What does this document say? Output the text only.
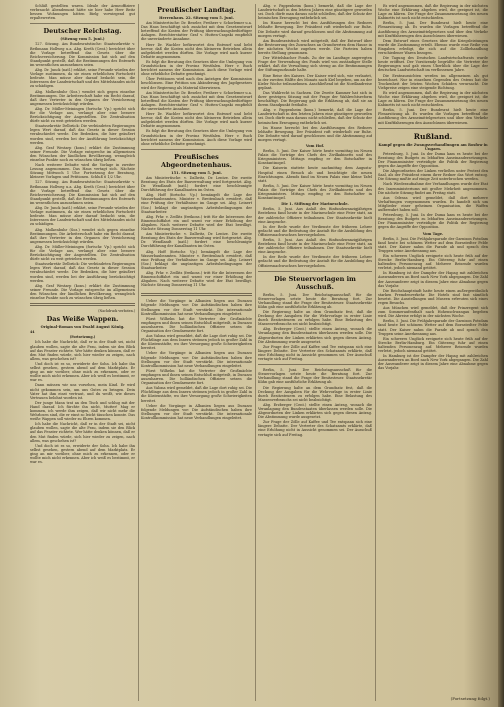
Schlüß gestellten waren. Ideale der Armeoffiziere verbraucht Abendemont hätte sie hier habe Herr Beitz bessen Wohnungen hätten Bielg vorwiegend gut erpaltewerten.

Deutscher Reichstag.
(Sitzung vom 5. Juni.)

127. Sitzung. Am Bundesratstische: Staatssekretär v. Bethmann Hollweg u.a. Abg. Kreth (Cent.) berichtet über die Vorlage betreffend das Gesetz über die Reichsversicherung. Die Kommission hat sich auf den Standpunkt gestellt, daß die Bestimmungen des Entwurfs im wesentlichen anzunehmen seien.

Abg. Dr. Junck (natl.) erklärt, seine Freunde würden der Vorlage zustimmen, da sie einen erheblichen Fortschritt bedeute. Man müsse aber darauf bedacht sein, die Interessen der Landwirtschaft und des Mittelstandes nicht zu schädigen.

Abg. Molkenbuhr (Soz.) wendet sich gegen einzelne Bestimmungen. Die Arbeiterschaft habe ein Recht darauf, daß ihre Vertreter in den Organen der Versicherung angemessen berücksichtigt würden.

Abg. Dr. Müller-Meiningen (fortschr. Vp.) spricht sich für die Vorlage aus, verlangt aber eine bessere Berücksichtigung der Angestellten. Die Zentralisation dürfe nicht zu weit getrieben werden.

Staatssekretär Delbrück: Die verbündeten Regierungen legen Wert darauf, daß das Gesetz in dieser Session verabschiedet werde. Die Bedenken, die hier geäußert worden sind, werden bei der Ausführung berücksichtigt werden.

Abg. Graf Westarp (kons.) erklärt die Zustimmung seiner Freunde. Die Vorlage entspreche im allgemeinen den Wünschen der ländlichen Bevölkerung, wenngleich einzelne Punkte noch zu wünschen übrig ließen.

Nach weiterer Debatte wird die Vorlage in zweiter Lesung angenommen. Das Haus vertagt sich. Nächste Sitzung Mittwoch 1 Uhr: Fortsetzung der Beratung, kleinere Vorlagen und Petitionen. Schluß 6 1/2 Uhr.

127. Sitzung. Am Bundesratstische: Staatssekretär v. Bethmann Hollweg u.a. Abg. Kreth (Cent.) berichtet über die Vorlage betreffend das Gesetz über die Reichsversicherung. Die Kommission hat sich auf den Standpunkt gestellt, daß die Bestimmungen des Entwurfs im wesentlichen anzunehmen seien.

Abg. Dr. Junck (natl.) erklärt, seine Freunde würden der Vorlage zustimmen, da sie einen erheblichen Fortschritt bedeute. Man müsse aber darauf bedacht sein, die Interessen der Landwirtschaft und des Mittelstandes nicht zu schädigen.

Abg. Molkenbuhr (Soz.) wendet sich gegen einzelne Bestimmungen. Die Arbeiterschaft habe ein Recht darauf, daß ihre Vertreter in den Organen der Versicherung angemessen berücksichtigt würden.

Abg. Dr. Müller-Meiningen (fortschr. Vp.) spricht sich für die Vorlage aus, verlangt aber eine bessere Berücksichtigung der Angestellten. Die Zentralisation dürfe nicht zu weit getrieben werden.

Staatssekretär Delbrück: Die verbündeten Regierungen legen Wert darauf, daß das Gesetz in dieser Session verabschiedet werde. Die Bedenken, die hier geäußert worden sind, werden bei der Ausführung berücksichtigt werden.

Abg. Graf Westarp (kons.) erklärt die Zustimmung seiner Freunde. Die Vorlage entspreche im allgemeinen den Wünschen der ländlichen Bevölkerung, wenngleich einzelne Punkte noch zu wünschen übrig ließen.

(Nachdruck verboten.)
Das Weiße Wappen.
Original-Roman von Ewald August König.
44
(Fortsetzung.)

Ich habe die Nachricht, daß er in der Stadt sei, nicht glauben wollen, sagte die alte Frau, indem sie den Blick auf das Fenster richtete. Wer hätte denken können, daß er den Mut finden würde, sich hier wieder zu zeigen, nach allem, was geschehen ist?

Und doch ist es so, erwiderte der Sohn. Ich habe ihn selbst gesehen, gestern abend auf dem Marktplatz. Er ging an mir vorüber, ohne mich zu erkennen, oder er wollte mich nicht erkennen. Aber ich weiß es bestimmt, er war es.

Dann müssen wir uns vorsehen, mein Kind. Er wird nicht gekommen sein, um uns Gutes zu bringen. Dein Vater hat ihm einst vertraut, und du weißt, wie dieses Vertrauen belohnt worden ist.

Der junge Mann trat an den Tisch und schlug mit der Hand darauf. Ich fürchte ihn nicht, Mutter! Mag er kommen, ich werde ihm zeigen, daß wir nicht mehr die Wehrlosen sind, die er einst so leicht täuschen konnte. Das weiße Wappen soll wieder zu Ehren kommen.

Ich habe die Nachricht, daß er in der Stadt sei, nicht glauben wollen, sagte die alte Frau, indem sie den Blick auf das Fenster richtete. Wer hätte denken können, daß er den Mut finden würde, sich hier wieder zu zeigen, nach allem, was geschehen ist?

Und doch ist es so, erwiderte der Sohn. Ich habe ihn selbst gesehen, gestern abend auf dem Marktplatz. Er ging an mir vorüber, ohne mich zu erkennen, oder er wollte mich nicht erkennen. Aber ich weiß es bestimmt, er war es.

Preußischer Landtag.
Herrenhaus. 22. Sitzung vom 5. Juni.

Am Ministertische: Dr. Beseler, Freiherr v. Schorlemer u.a. Das Haus beschäftigt sich zunächst mit dem Gesetzentwurf betreffend die Kosten der Prüfung überwachungsbedürftiger Anlagen. Berichterstatter Graf v. Hutten-Czapski empfiehlt die unveränderte Annahme.

Herr Dr. Wachler befürwortet den Entwurf und hebt hervor, daß die Kosten nicht den kleineren Betrieben allein aufgebürdet werden dürften. Die Vorlage wird nach kurzer Debatte angenommen.

Es folgt die Beratung des Gesetzes über die Umlegung von Grundstücken in der Provinz Westfalen. Herr v. Buch berichtet namens der Kommission. Auch diese Vorlage wird ohne erhebliche Debatte genehmigt.

Über Petitionen wird nach den Anträgen der Kommission beschlossen. Eine Petition um Abänderung des Jagdgesetzes wird der Regierung als Material überwiesen.

Am Ministertische: Dr. Beseler, Freiherr v. Schorlemer u.a. Das Haus beschäftigt sich zunächst mit dem Gesetzentwurf betreffend die Kosten der Prüfung überwachungsbedürftiger Anlagen. Berichterstatter Graf v. Hutten-Czapski empfiehlt die unveränderte Annahme.

Herr Dr. Wachler befürwortet den Entwurf und hebt hervor, daß die Kosten nicht den kleineren Betrieben allein aufgebürdet werden dürften. Die Vorlage wird nach kurzer Debatte angenommen.

Es folgt die Beratung des Gesetzes über die Umlegung von Grundstücken in der Provinz Westfalen. Herr v. Buch berichtet namens der Kommission. Auch diese Vorlage wird ohne erhebliche Debatte genehmigt.

Preußisches Abgeordnetenhaus.
151. Sitzung vom 5. Juni.

Am Ministertische: v. Dallwitz, Dr. Lentze. Die zweite Beratung des Etats der Bauverwaltung wird fortgesetzt. Abg. Dr. Wendlandt (natl.) fordert eine beschleunigte Durchführung der Kanalbauten im Osten.

Abg. Hoff (fortschr. Vp.) bemängelt die Lage der Wasserbaubeamten. Minister v. Breitenbach erwidert, daß eine Prüfung der Verhältnisse im Gange sei. Abg. Leinert (Soz.) beklagt die ungünstigen Arbeitsbedingungen der Staatsarbeiter.

Abg. Frhr. v. Zedlitz (freikons.) tritt für die Interessen der Binnenschiffahrt ein und warnt vor einer Erhöhung der Abgaben. Nach weiterer Debatte wird der Etat bewilligt. Nächste Sitzung Donnerstag 11 Uhr.

Am Ministertische: v. Dallwitz, Dr. Lentze. Die zweite Beratung des Etats der Bauverwaltung wird fortgesetzt. Abg. Dr. Wendlandt (natl.) fordert eine beschleunigte Durchführung der Kanalbauten im Osten.

Abg. Hoff (fortschr. Vp.) bemängelt die Lage der Wasserbaubeamten. Minister v. Breitenbach erwidert, daß eine Prüfung der Verhältnisse im Gange sei. Abg. Leinert (Soz.) beklagt die ungünstigen Arbeitsbedingungen der Staatsarbeiter.

Abg. Frhr. v. Zedlitz (freikons.) tritt für die Interessen der Binnenschiffahrt ein und warnt vor einer Erhöhung der Abgaben. Nach weiterer Debatte wird der Etat bewilligt. Nächste Sitzung Donnerstag 11 Uhr.

Ueber die Vorgänge in Albanien liegen aus Durazzo folgende Meldungen vor: Die Aufständischen haben ihre Stellungen vor der Stadt verstärkt. Die internationale Kontrollkommission hat neue Verhandlungen eingeleitet.

Fürst Wilhelm hat die Vertreter der Großmächte empfangen und ihnen seinen Entschluß mitgeteilt, in Durazzo auszuharren. Die holländischen Offiziere setzen die Organisation der Gendarmerie fort.

Aus Valona wird gemeldet, daß die Lage dort ruhig sei. Die Flüchtlinge aus dem Innern strömen jedoch in großer Zahl in die Küstenstädte, wo ihre Versorgung große Schwierigkeiten bereitet.

Ueber die Vorgänge in Albanien liegen aus Durazzo folgende Meldungen vor: Die Aufständischen haben ihre Stellungen vor der Stadt verstärkt. Die internationale Kontrollkommission hat neue Verhandlungen eingeleitet.

Fürst Wilhelm hat die Vertreter der Großmächte empfangen und ihnen seinen Entschluß mitgeteilt, in Durazzo auszuharren. Die holländischen Offiziere setzen die Organisation der Gendarmerie fort.

Aus Valona wird gemeldet, daß die Lage dort ruhig sei. Die Flüchtlinge aus dem Innern strömen jedoch in großer Zahl in die Küstenstädte, wo ihre Versorgung große Schwierigkeiten bereitet.

Ueber die Vorgänge in Albanien liegen aus Durazzo folgende Meldungen vor: Die Aufständischen haben ihre Stellungen vor der Stadt verstärkt. Die internationale Kontrollkommission hat neue Verhandlungen eingeleitet.

Abg. v. Pappenheim (kons.) bemerkt, daß die Lage der Landwirtschaft in den letzten Jahren eine günstigere geworden sei. Doch dürfe man daraus nicht schließen, daß der Schutz der heimischen Erzeugung entbehrlich sei.

Im Hause herrscht bei den Ausführungen des Redners lebhafte Bewegung. Der Präsident ruft wiederholt zur Ruhe. Die Debatte wird darauf geschlossen und die Abstimmung auf morgen vertagt.

Am Bundesratstisch wird mitgeteilt, daß der Entwurf über die Besteuerung des Zuwachses an Grundwerten dem Hause in der nächsten Woche zugehen werde. Die Parteien haben bereits Stellung genommen.

Der Wittelsbacher Fonds. Zu der im Landtage angeregten Frage der Verwendung des Fonds wird von zuständiger Stelle erklärt, daß die Verwaltung sich streng an die Bestimmungen der Stiftungsurkunde halte.

Eine Reise des Kaisers. Der Kaiser wird sich, wie verlautet, in der zweiten Hälfte des Monats nach Kiel begeben, um an der Kieler Woche teilzunehmen. Anschließend ist die Nordlandreise geplant.

Das Wahlrecht in Sachsen. Die Zweite Kammer hat sich in ihrer gestrigen Sitzung mit der Frage der Wahlrechtsreform beschäftigt. Die Regierung gab die Erklärung ab, daß sie an ihrem Standpunkt festhalte.

Abg. v. Pappenheim (kons.) bemerkt, daß die Lage der Landwirtschaft in den letzten Jahren eine günstigere geworden sei. Doch dürfe man daraus nicht schließen, daß der Schutz der heimischen Erzeugung entbehrlich sei.

Im Hause herrscht bei den Ausführungen des Redners lebhafte Bewegung. Der Präsident ruft wiederholt zur Ruhe. Die Debatte wird darauf geschlossen und die Abstimmung auf morgen vertagt.

Vom Hof.

Berlin, 5. Juni. Der Kaiser hörte heute vormittag im Neuen Palais die Vorträge des Chefs des Zivilkabinetts und des Kriegsministers. Mittags empfing er den Botschafter in Konstantinopel.

Die Kaiserin stattete heute nachmittag dem Augusta-Hospital einen Besuch ab und besichtigte die neuen Einrichtungen. Abends fand im Neuen Palais eine kleine Tafel statt.

Berlin, 5. Juni. Der Kaiser hörte heute vormittag im Neuen Palais die Vorträge des Chefs des Zivilkabinetts und des Kriegsministers. Mittags empfing er den Botschafter in Konstantinopel.

Die 1. Stiftung der Marineschule.

Berlin, 5. Juni. Aus Anlaß des fünfundzwanzigjährigen Bestehens fand heute in der Marineschule eine Feier statt, an der zahlreiche Offiziere teilnahmen. Der Staatssekretär hielt eine Ansprache.

In der Rede wurde der Verdienste der früheren Lehrer gedacht und die Bedeutung der Anstalt für die Ausbildung des Offiziersnachwuchses hervorgehoben.

Berlin, 5. Juni. Aus Anlaß des fünfundzwanzigjährigen Bestehens fand heute in der Marineschule eine Feier statt, an der zahlreiche Offiziere teilnahmen. Der Staatssekretär hielt eine Ansprache.

In der Rede wurde der Verdienste der früheren Lehrer gedacht und die Bedeutung der Anstalt für die Ausbildung des Offiziersnachwuchses hervorgehoben.

Die Steuervorlagen im Ausschuß.

Berlin, 5. Juni. Der Reichstagsausschuß für die Steuervorlagen setzte heute die Beratung fort. Zur Verhandlung stand die Frage der Besitzsteuer. Staatssekretär Kühn gab eine ausführliche Erklärung ab.

Die Regierung halte an dem Grundsatz fest, daß die Deckung der Ausgaben für die Wehrvorlage in erster Linie durch Besitzsteuern zu erfolgen habe. Eine Belastung des Massenverbrauchs sei nicht beabsichtigt.

Abg. Erzberger (Cent.) stellte einen Antrag, wonach die Veranlagung den Bundesstaaten überlassen werden solle. Die Abgeordneten der Linken erklärten sich gegen diesen Antrag. Die Abstimmung wurde ausgesetzt.

Zur Frage der Zölle auf Kaffee und Tee entspann sich eine längere Debatte. Der Vertreter des Schatzamts erklärte, daß eine Erhöhung nicht in Aussicht genommen sei. Der Ausschuß vertagte sich auf Freitag.

Berlin, 5. Juni. Der Reichstagsausschuß für die Steuervorlagen setzte heute die Beratung fort. Zur Verhandlung stand die Frage der Besitzsteuer. Staatssekretär Kühn gab eine ausführliche Erklärung ab.

Die Regierung halte an dem Grundsatz fest, daß die Deckung der Ausgaben für die Wehrvorlage in erster Linie durch Besitzsteuern zu erfolgen habe. Eine Belastung des Massenverbrauchs sei nicht beabsichtigt.

Abg. Erzberger (Cent.) stellte einen Antrag, wonach die Veranlagung den Bundesstaaten überlassen werden solle. Die Abgeordneten der Linken erklärten sich gegen diesen Antrag. Die Abstimmung wurde ausgesetzt.

Zur Frage der Zölle auf Kaffee und Tee entspann sich eine längere Debatte. Der Vertreter des Schatzamts erklärte, daß eine Erhöhung nicht in Aussicht genommen sei. Der Ausschuß vertagte sich auf Freitag.

Es wird angenommen, daß die Regierung in der nächsten Woche eine Erklärung abgeben wird, die geeignet ist, die Lage zu klären. Die Frage der Zusammensetzung des neuen Kabinetts ist noch nicht entschieden.

Berlin, 5. Juni. Der Bundesrat hielt heute eine Plenarsitzung ab. Es wurden die Vorlagen betreffend die Ausführung des Arzneimittelgesetzes und über den Verkehr mit Kraftfahrzeugen den Ausschüssen überwiesen.

Dem Entwurf eines Gesetzes über die Kriegsleistungen wurde die Zustimmung erteilt. Ebenso wurde eine Reihe von Eingaben erledigt, die sich auf die Zollbehandlung verschiedener Waren bezogen.

Die Tagung des Deutschen Landwirtschaftsrats wurde heute eröffnet. Der Vorsitzende begrüßte die Vertreter der Regierungen und gab einen Überblick über die Lage der deutschen Landwirtschaft im verflossenen Jahre.

Die Ernteaussichten werden im allgemeinen als gut bezeichnet. Nur in einzelnen Gegenden des Ostens hat die Trockenheit der letzten Wochen Schäden verursacht. Die Viehpreise zeigen eine steigende Richtung.

Es wird angenommen, daß die Regierung in der nächsten Woche eine Erklärung abgeben wird, die geeignet ist, die Lage zu klären. Die Frage der Zusammensetzung des neuen Kabinetts ist noch nicht entschieden.

Berlin, 5. Juni. Der Bundesrat hielt heute eine Plenarsitzung ab. Es wurden die Vorlagen betreffend die Ausführung des Arzneimittelgesetzes und über den Verkehr mit Kraftfahrzeugen den Ausschüssen überwiesen.

Rußland.
Kampf gegen die Zwangsverhandlungen am Rosfow in Ungarn.

Petersburg, 5. Juni. In der Duma kam es heute bei der Beratung des Budgets zu lebhaften Auseinandersetzungen. Der Finanzminister verteidigte die Politik der Regierung gegen die Angriffe der Opposition.

Die Abgeordneten der Linken verließen unter Protest den Saal, als der Präsident einem ihrer Redner das Wort entzog. Die Sitzung mußte auf einige Zeit unterbrochen werden.

Nach Wiederaufnahme der Verhandlungen wurde der Etat des Innenministeriums mit großer Mehrheit angenommen. Die nächste Sitzung findet am Freitag statt.

Aus Odessa wird gemeldet, daß dort mehrere Verhaftungen vorgenommen wurden. Es handelt sich um Mitglieder einer geheimen Organisation, die Waffen aufbewahrt haben soll.

Petersburg, 5. Juni. In der Duma kam es heute bei der Beratung des Budgets zu lebhaften Auseinandersetzungen. Der Finanzminister verteidigte die Politik der Regierung gegen die Angriffe der Opposition.

Vom Tage.

Berlin, 5. Juni. Die Frühjahrsparade der Garnison Potsdam fand heute bei schönem Wetter auf dem Bornstedter Felde statt. Der Kaiser nahm die Parade ab und sprach den Truppen seine Anerkennung aus.

Ein schweres Unglück ereignete sich heute früh auf der Strecke Berlin-Hamburg. Ein Güterzug fuhr auf einen haltenden Personenzug auf. Mehrere Reisende wurden verletzt, jedoch niemand getötet.

In Hamburg ist der Dampfer der Hapag mit zahlreichen Auswanderern an Bord nach New York abgegangen. Die Zahl der Auswanderer zeigt in diesem Jahre eine Abnahme gegen das Vorjahr.

Die Reichshauptstadt hatte heute einen außergewöhnlich starken Fremdenverkehr. Die Hotels sind fast sämtlich besetzt. Die Ausstellungen und Museen erfreuten sich eines regen Besuchs.

Aus München wird gemeldet, daß der Prinzregent sich zum Sommeraufenthalt nach Hohenschwangau begeben wird. Die Abreise erfolgt in der nächsten Woche.

Berlin, 5. Juni. Die Frühjahrsparade der Garnison Potsdam fand heute bei schönem Wetter auf dem Bornstedter Felde statt. Der Kaiser nahm die Parade ab und sprach den Truppen seine Anerkennung aus.

Ein schweres Unglück ereignete sich heute früh auf der Strecke Berlin-Hamburg. Ein Güterzug fuhr auf einen haltenden Personenzug auf. Mehrere Reisende wurden verletzt, jedoch niemand getötet.

In Hamburg ist der Dampfer der Hapag mit zahlreichen Auswanderern an Bord nach New York abgegangen. Die Zahl der Auswanderer zeigt in diesem Jahre eine Abnahme gegen das Vorjahr.

(Fortsetzung folgt.)
